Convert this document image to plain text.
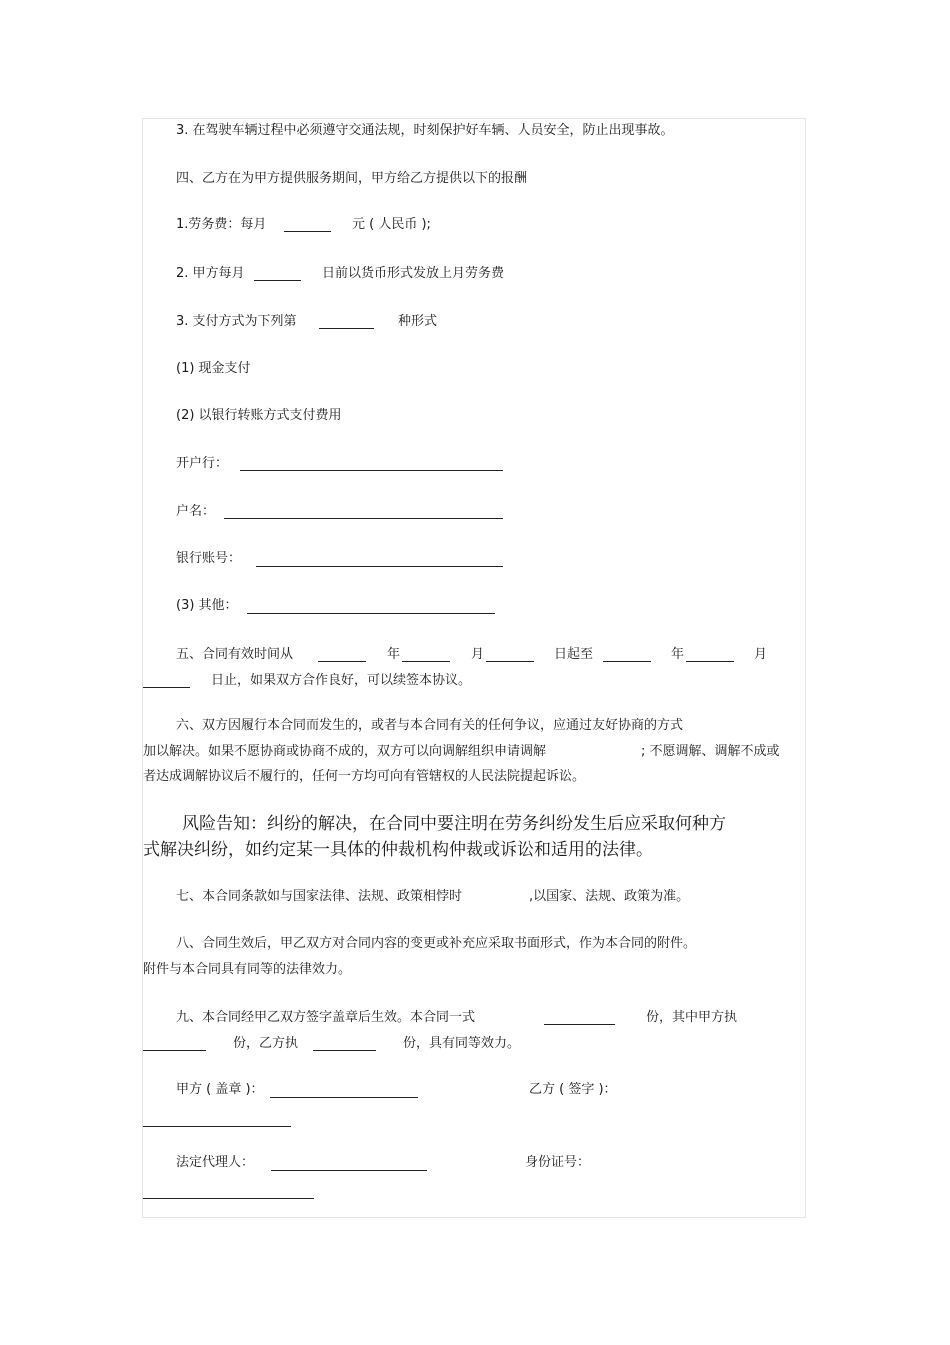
3. 在驾驶车辆过程中必须遵守交通法规，时刻保护好车辆、人员安全，防止出现事故。
四、乙方在为甲方提供服务期间，甲方给乙方提供以下的报酬
1.劳务费：每月	元 ( 人民币 );
2. 甲方每月	日前以货币形式发放上月劳务费
3. 支付方式为下列第	种形式
(1) 现金支付
(2) 以银行转账方式支付费用
开户行：
户名：
银行账号：
(3) 其他：
五、合同有效时间从	年	月	日起至	年	月
日止，如果双方合作良好，可以续签本协议。
六、双方因履行本合同而发生的，或者与本合同有关的任何争议，应通过友好协商的方式
加以解决。如果不愿协商或协商不成的，双方可以向调解组织申请调解	; 不愿调解、调解不成或
者达成调解协议后不履行的，任何一方均可向有管辖权的人民法院提起诉讼。
风险告知：纠纷的解决，在合同中要注明在劳务纠纷发生后应采取何种方
式解决纠纷，如约定某一具体的仲裁机构仲裁或诉讼和适用的法律。
七、本合同条款如与国家法律、法规、政策相悖时	,以国家、法规、政策为准。
八、合同生效后，甲乙双方对合同内容的变更或补充应采取书面形式，作为本合同的附件。
附件与本合同具有同等的法律效力。
九、本合同经甲乙双方签字盖章后生效。本合同一式	份，其中甲方执
份，乙方执	份，具有同等效力。
甲方 ( 盖章 )：	乙方 ( 签字 )：
法定代理人：	身份证号：
